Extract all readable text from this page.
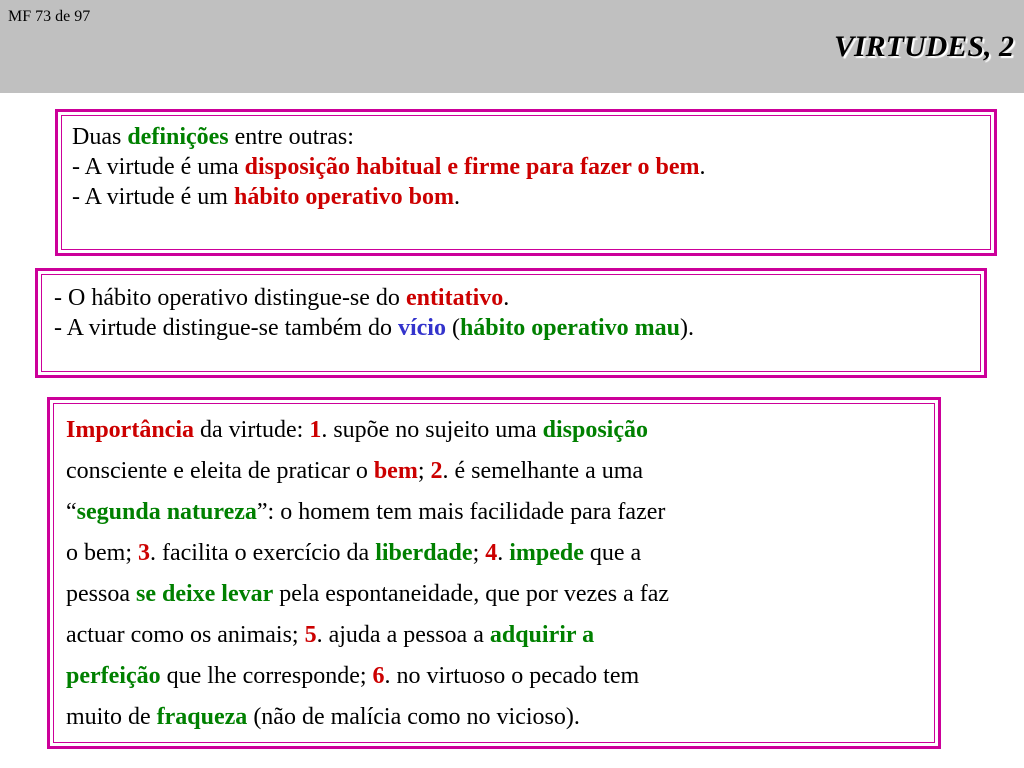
MF 73 de 97
VIRTUDES, 2
Duas definições entre outras:
- A virtude é uma disposição habitual e firme para fazer o bem.
- A virtude é um hábito operativo bom.
- O hábito operativo distingue-se do entitativo.
- A virtude distingue-se também do vício (hábito operativo mau).
Importância da virtude: 1. supõe no sujeito uma disposição
consciente e eleita de praticar o bem; 2. é semelhante a uma
“segunda natureza”: o homem tem mais facilidade para fazer
o bem; 3. facilita o exercício da liberdade; 4. impede que a
pessoa se deixe levar pela espontaneidade, que por vezes a faz
actuar como os animais; 5. ajuda a pessoa a adquirir a
perfeição que lhe corresponde; 6. no virtuoso o pecado tem
muito de fraqueza (não de malícia como no vicioso).
